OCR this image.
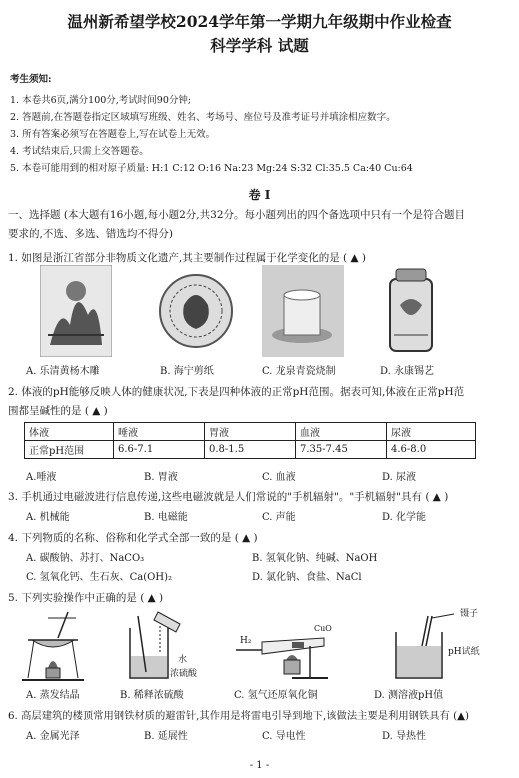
温州新希望学校2024学年第一学期九年级期中作业检查
科学学科 试题
考生须知:
1. 本卷共6页,满分100分,考试时间90分钟;
2. 答题前,在答题卷指定区域填写班级、姓名、考场号、座位号及准考证号并填涂相应数字。
3. 所有答案必须写在答题卷上,写在试卷上无效。
4. 考试结束后,只需上交答题卷。
5. 本卷可能用到的相对原子质量: H:1 C:12 O:16 Na:23 Mg:24 S:32 Cl:35.5 Ca:40 Cu:64
卷 I
一、选择题 (本大题有16小题,每小题2分,共32分。每小题列出的四个备选项中只有一个是符合题目
要求的,不选、多选、错选均不得分)
1. 如图是浙江省部分非物质文化遗产,其主要制作过程属于化学变化的是 ( ▲ )
A. 乐清黄杨木雕	B. 海宁剪纸	C. 龙泉青瓷烧制	D. 永康锡艺
2. 体液的pH能够反映人体的健康状况,下表是四种体液的正常pH范围。据表可知,体液在正常pH范
围都呈碱性的是 ( ▲ )
体液	唾液	胃液	血液	尿液
正常pH范围	6.6-7.1	0.8-1.5	7.35-7.45	4.6-8.0
A.唾液	B. 胃液	C. 血液	D. 尿液
3. 手机通过电磁波进行信息传递,这些电磁波就是人们常说的"手机辐射"。"手机辐射"具有 ( ▲ )
A. 机械能	B. 电磁能	C. 声能	D. 化学能
4. 下列物质的名称、俗称和化学式全部一致的是 ( ▲ )
A. 碳酸钠、苏打、NaCO₃	B. 氢氧化钠、纯碱、NaOH
C. 氢氧化钙、生石灰、Ca(OH)₂	D. 氯化钠、食盐、NaCl
5. 下列实验操作中正确的是 ( ▲ )
水
浓硫酸
H₂
CuO
镊子
pH试纸
A. 蒸发结晶	B. 稀释浓硫酸	C. 氢气还原氧化铜	D. 测溶液pH值
6. 高层建筑的楼顶常用钢铁材质的避雷针,其作用是将雷电引导到地下,该做法主要是利用钢铁具有 (▲)
A. 金属光泽	B. 延展性	C. 导电性	D. 导热性
- 1 -
